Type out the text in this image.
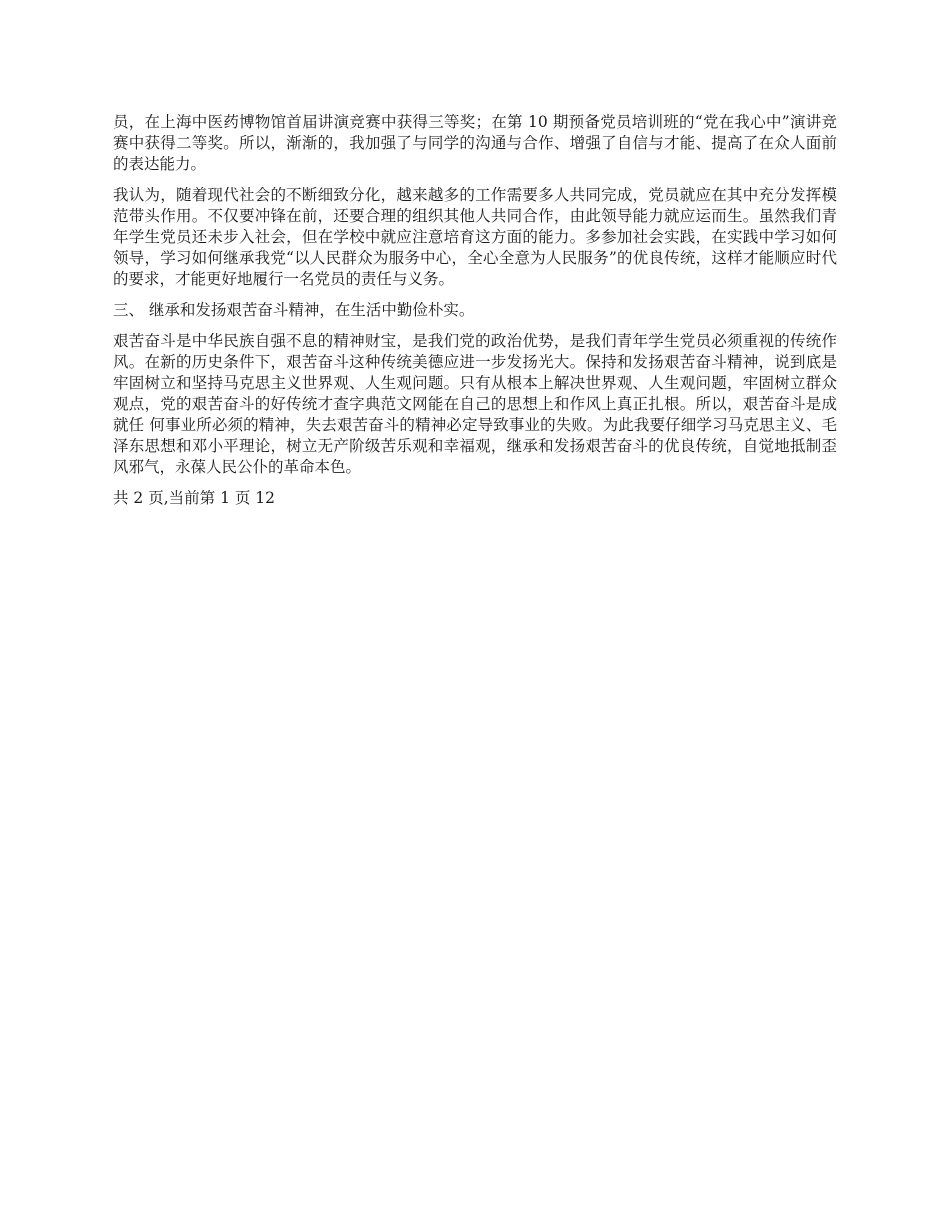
员，在上海中医药博物馆首届讲演竞赛中获得三等奖；在第 10 期预备党员培训班的“党在我心中”演讲竞赛中获得二等奖。所以，渐渐的，我加强了与同学的沟通与合作、增强了自信与才能、提高了在众人面前的表达能力。

我认为，随着现代社会的不断细致分化，越来越多的工作需要多人共同完成，党员就应在其中充分发挥模范带头作用。不仅要冲锋在前，还要合理的组织其他人共同合作，由此领导能力就应运而生。虽然我们青年学生党员还未步入社会，但在学校中就应注意培育这方面的能力。多参加社会实践，在实践中学习如何领导，学习如何继承我党“以人民群众为服务中心，全心全意为人民服务”的优良传统，这样才能顺应时代的要求，才能更好地履行一名党员的责任与义务。

三、 继承和发扬艰苦奋斗精神，在生活中勤俭朴实。

艰苦奋斗是中华民族自强不息的精神财宝，是我们党的政治优势，是我们青年学生党员必须重视的传统作风。在新的历史条件下，艰苦奋斗这种传统美德应进一步发扬光大。保持和发扬艰苦奋斗精神，说到底是牢固树立和坚持马克思主义世界观、人生观问题。只有从根本上解决世界观、人生观问题，牢固树立群众观点，党的艰苦奋斗的好传统才查字典范文网能在自己的思想上和作风上真正扎根。所以，艰苦奋斗是成就任 何事业所必须的精神，失去艰苦奋斗的精神必定导致事业的失败。为此我要仔细学习马克思主义、毛泽东思想和邓小平理论，树立无产阶级苦乐观和幸福观，继承和发扬艰苦奋斗的优良传统，自觉地抵制歪风邪气，永葆人民公仆的革命本色。

共 2 页,当前第 1 页 12
